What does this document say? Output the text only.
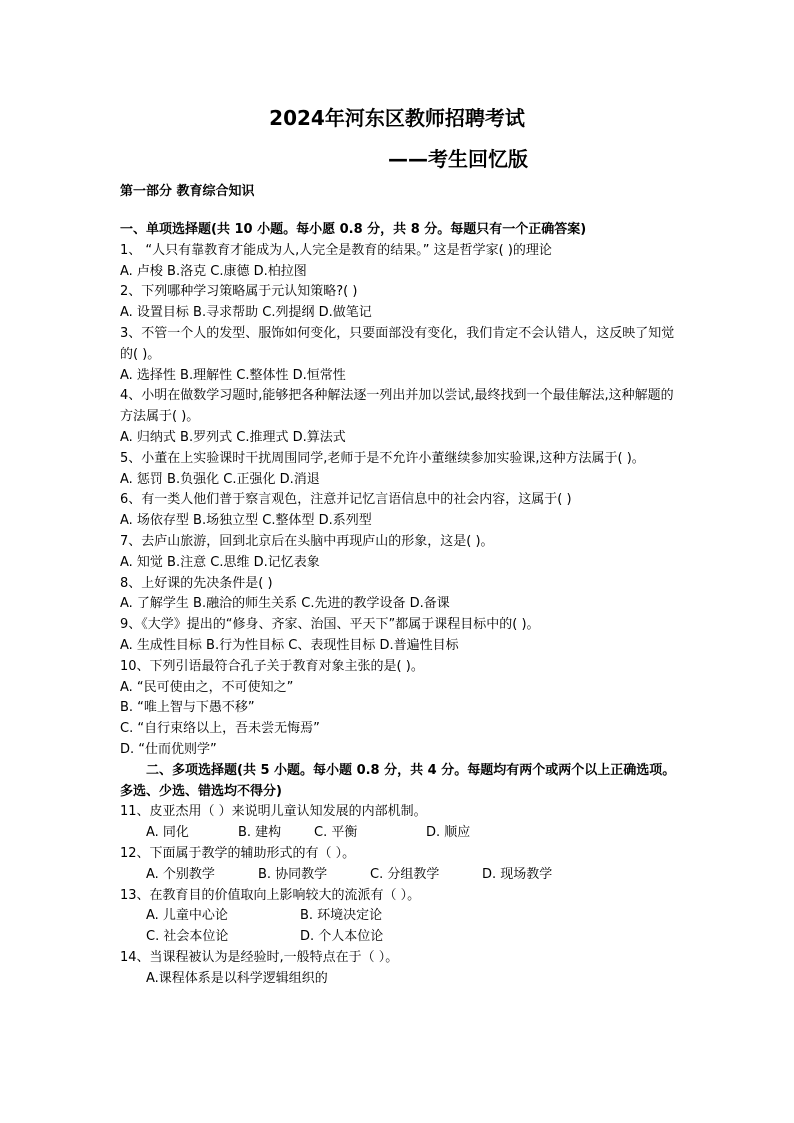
2024年河东区教师招聘考试
——考生回忆版
第一部分 教育综合知识

一、单项选择题(共 10 小题。每小愿 0.8 分，共 8 分。每题只有一个正确答案)

1、 “人只有靠教育才能成为人,人完全是教育的结果。” 这是哲学家( )的理论

A. 卢梭 B.洛克 C.康德 D.柏拉图

2、下列哪种学习策略属于元认知策略?( )

A. 设置目标 B.寻求帮助 C.列提纲 D.做笔记

3、不管一个人的发型、服饰如何变化，只要面部没有变化，我们肯定不会认错人，这反映了知觉的( )。

A. 选择性 B.理解性 C.整体性 D.恒常性

4、小明在做数学习题时,能够把各种解法逐一列出并加以尝试,最终找到一个最佳解法,这种解题的方法属于( )。

A. 归纳式 B.罗列式 C.推理式 D.算法式

5、小董在上实验课时干扰周围同学,老师于是不允许小董继续参加实验课,这种方法属于( )。

A. 惩罚 B.负强化 C.正强化 D.消退

6、有一类人他们普于察言观色，注意并记忆言语信息中的社会内容，这属于( )

A. 场依存型 B.场独立型 C.整体型 D.系列型

7、去庐山旅游，回到北京后在头脑中再现庐山的形象，这是( )。

A. 知觉 B.注意 C.思维 D.记忆表象

8、上好课的先决条件是( )

A. 了解学生 B.融洽的师生关系 C.先进的教学设备 D.备课

9、《大学》提出的“修身、齐家、治国、平天下”都属于课程目标中的( )。

A. 生成性目标 B.行为性目标 C、表现性目标 D.普遍性目标

10、下列引语最符合孔子关于教育对象主张的是( )。

A. “民可使由之，不可使知之”

B. “唯上智与下愚不移”

C. “自行束络以上，吾未尝无悔焉”

D. “仕而优则学”

二、多项选择题(共 5 小题。每小题 0.8 分，共 4 分。每题均有两个或两个以上正确选项。多选、少选、错选均不得分)

11、皮亚杰用（ ）来说明儿童认知发展的内部机制。

A. 同化	B. 建构	C. 平衡	D. 顺应

12、下面属于教学的辅助形式的有（ ）。

A. 个别教学	B. 协同教学	C. 分组教学	D. 现场教学

13、在教育目的价值取向上影响较大的流派有（ ）。

A. 儿童中心论	B. 环境决定论

C. 社会本位论	D. 个人本位论

14、当课程被认为是经验时,一般特点在于（ ）。

A.课程体系是以科学逻辑组织的
